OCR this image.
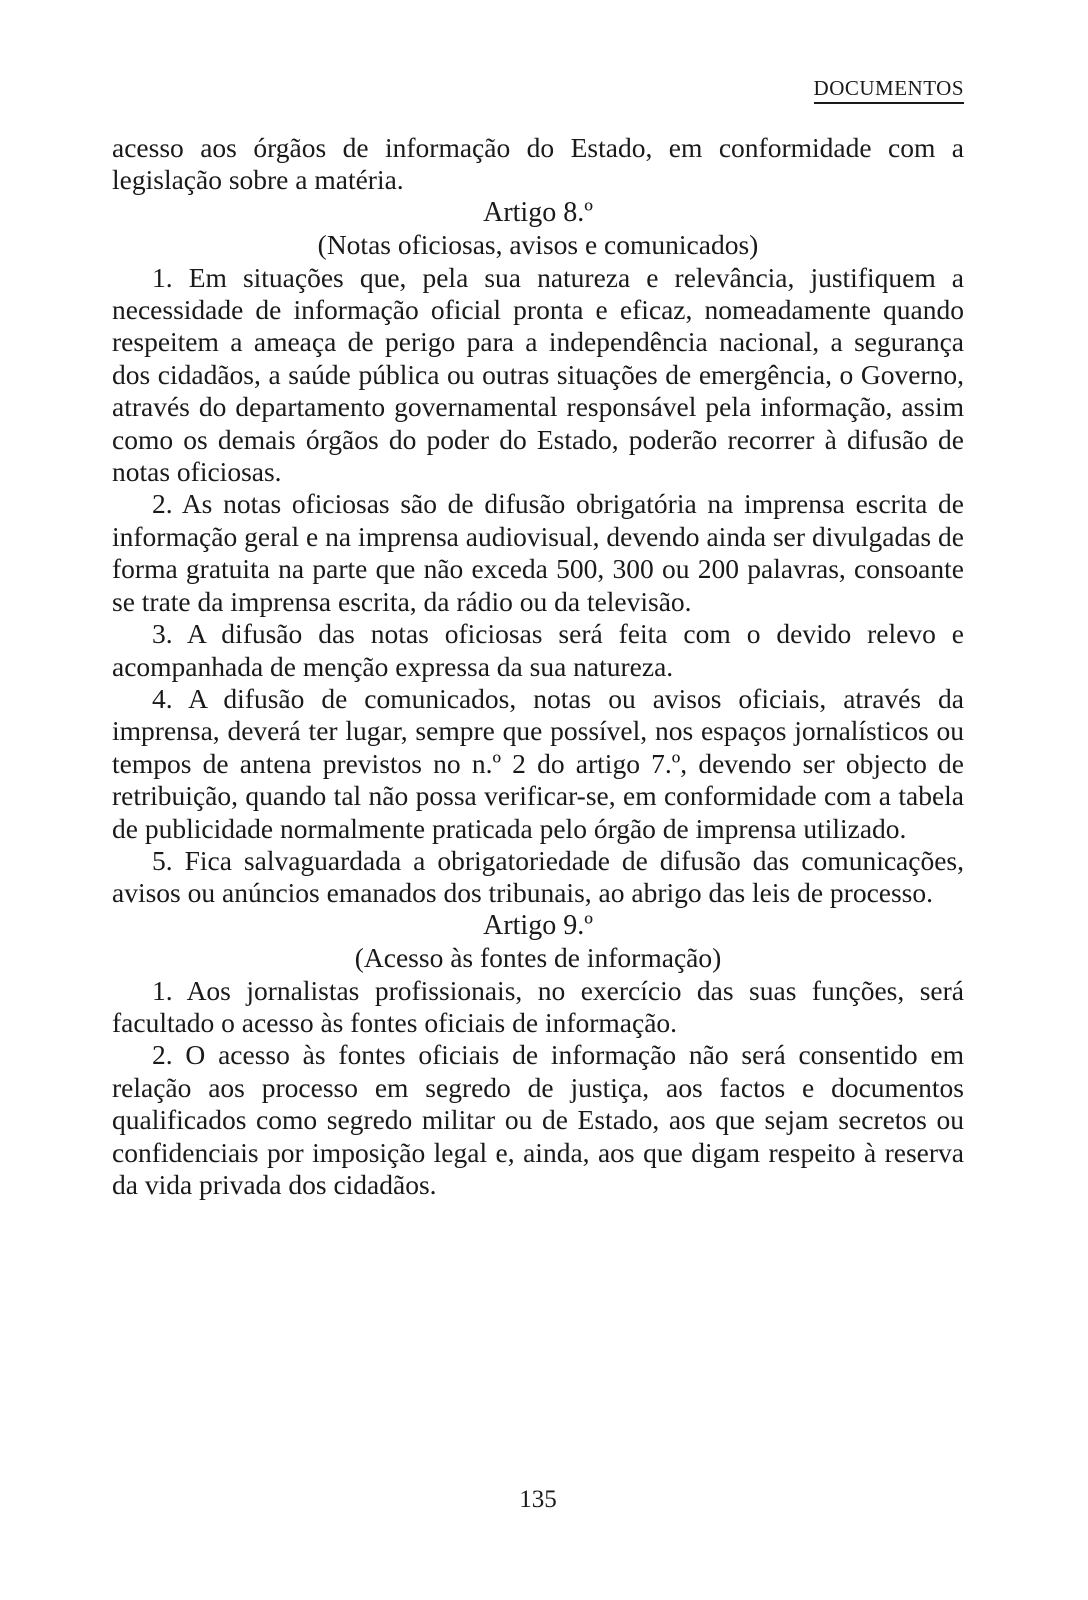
DOCUMENTOS

acesso aos órgãos de informação do Estado, em conformidade com a legislação sobre a matéria.

Artigo 8.º

(Notas oficiosas, avisos e comunicados)

1. Em situações que, pela sua natureza e relevância, justifiquem a necessidade de informação oficial pronta e eficaz, nomeadamente quando respeitem a ameaça de perigo para a independência nacional, a segurança dos cidadãos, a saúde pública ou outras situações de emergência, o Governo, através do departamento governamental responsável pela informação, assim como os demais órgãos do poder do Estado, poderão recorrer à difusão de notas oficiosas.

2. As notas oficiosas são de difusão obrigatória na imprensa escrita de informação geral e na imprensa audiovisual, devendo ainda ser divulgadas de forma gratuita na parte que não exceda 500, 300 ou 200 palavras, consoante se trate da imprensa escrita, da rádio ou da televisão.

3. A difusão das notas oficiosas será feita com o devido relevo e acompanhada de menção expressa da sua natureza.

4. A difusão de comunicados, notas ou avisos oficiais, através da imprensa, deverá ter lugar, sempre que possível, nos espaços jornalísticos ou tempos de antena previstos no n.º 2 do artigo 7.º, devendo ser objecto de retribuição, quando tal não possa verificar-se, em conformidade com a tabela de publicidade normalmente praticada pelo órgão de imprensa utilizado.

5. Fica salvaguardada a obrigatoriedade de difusão das comunicações, avisos ou anúncios emanados dos tribunais, ao abrigo das leis de processo.

Artigo 9.º

(Acesso às fontes de informação)

1. Aos jornalistas profissionais, no exercício das suas funções, será facultado o acesso às fontes oficiais de informação.

2. O acesso às fontes oficiais de informação não será consentido em relação aos processo em segredo de justiça, aos factos e documentos qualificados como segredo militar ou de Estado, aos que sejam secretos ou confidenciais por imposição legal e, ainda, aos que digam respeito à reserva da vida privada dos cidadãos.

135
